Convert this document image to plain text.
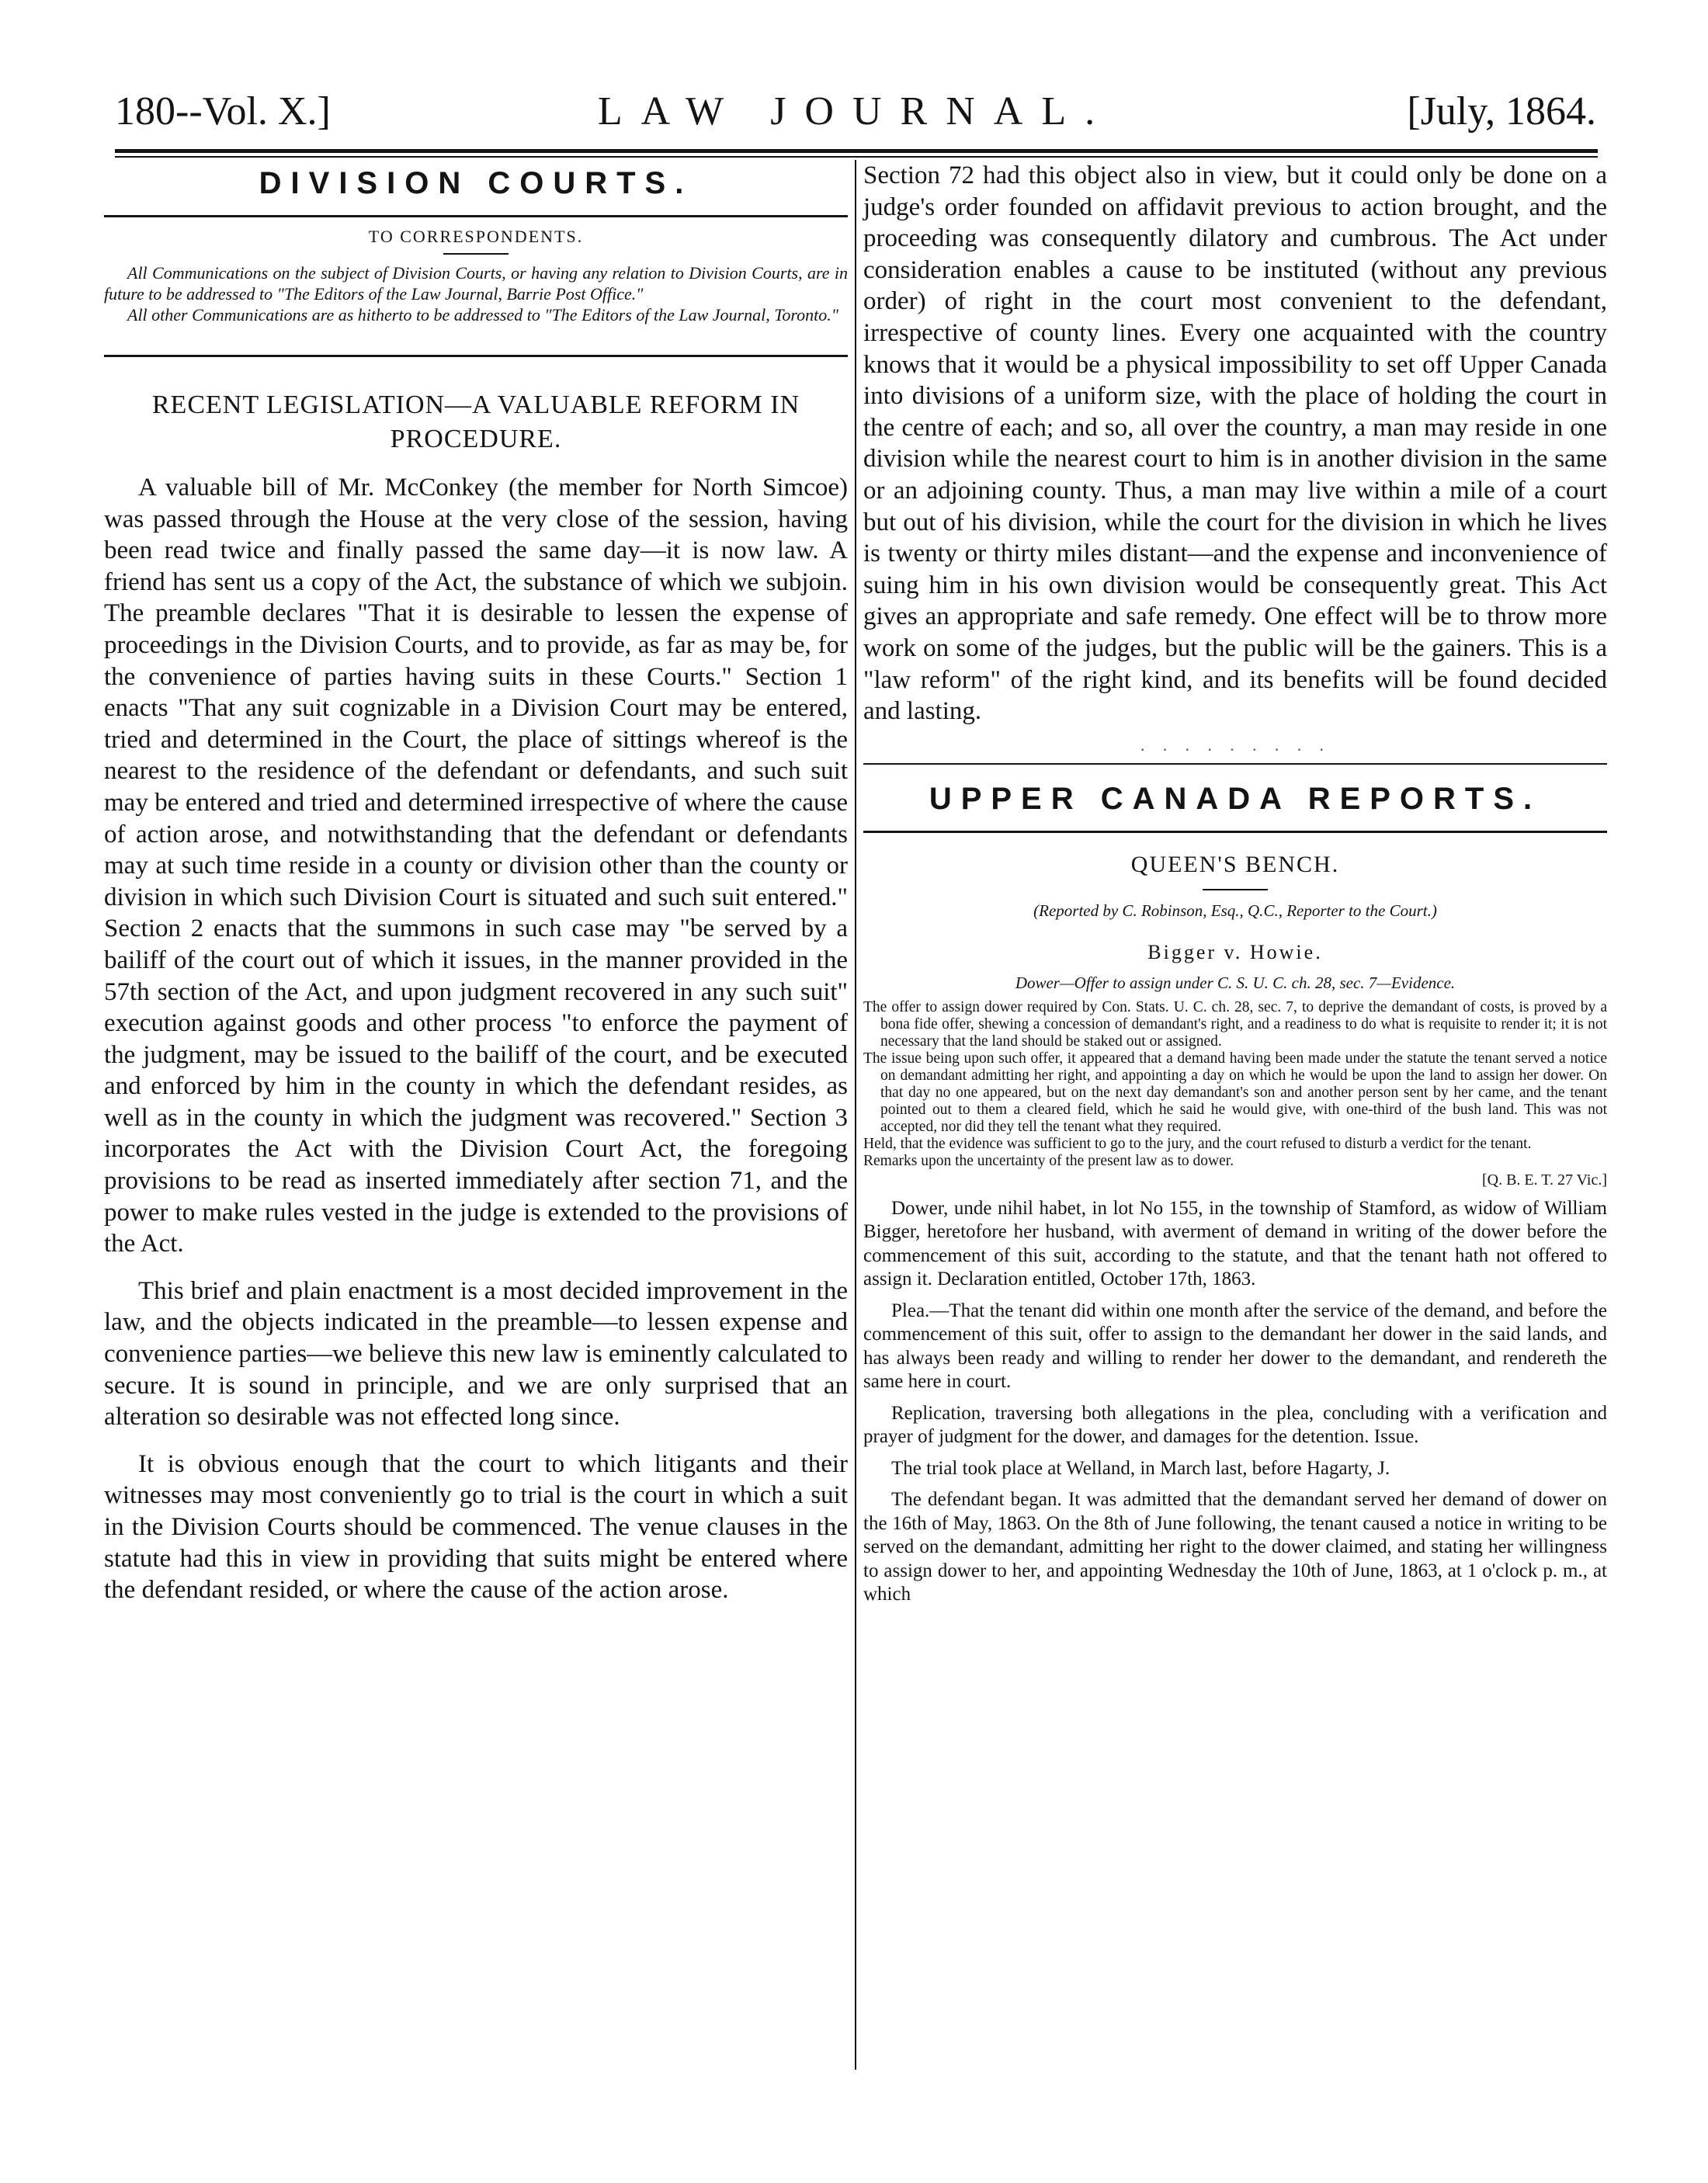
180--Vol. X.]	LAW JOURNAL.	[July, 1864.
DIVISION COURTS.
TO CORRESPONDENTS.

All Communications on the subject of Division Courts, or having any relation to Division Courts, are in future to be addressed to "The Editors of the Law Journal, Barrie Post Office."

All other Communications are as hitherto to be addressed to "The Editors of the Law Journal, Toronto."

RECENT LEGISLATION—A VALUABLE REFORM IN PROCEDURE.

A valuable bill of Mr. McConkey (the member for North Simcoe) was passed through the House at the very close of the session, having been read twice and finally passed the same day—it is now law. A friend has sent us a copy of the Act, the substance of which we subjoin. The preamble declares "That it is desirable to lessen the expense of proceedings in the Division Courts, and to provide, as far as may be, for the convenience of parties having suits in these Courts." Section 1 enacts "That any suit cognizable in a Division Court may be entered, tried and determined in the Court, the place of sittings whereof is the nearest to the residence of the defendant or defendants, and such suit may be entered and tried and determined irrespective of where the cause of action arose, and notwithstanding that the defendant or defendants may at such time reside in a county or division other than the county or division in which such Division Court is situated and such suit entered." Section 2 enacts that the summons in such case may "be served by a bailiff of the court out of which it issues, in the manner provided in the 57th section of the Act, and upon judgment recovered in any such suit" execution against goods and other process "to enforce the payment of the judgment, may be issued to the bailiff of the court, and be executed and enforced by him in the county in which the defendant resides, as well as in the county in which the judgment was recovered." Section 3 incorporates the Act with the Division Court Act, the foregoing provisions to be read as inserted immediately after section 71, and the power to make rules vested in the judge is extended to the provisions of the Act.

This brief and plain enactment is a most decided improvement in the law, and the objects indicated in the preamble—to lessen expense and convenience parties—we believe this new law is eminently calculated to secure. It is sound in principle, and we are only surprised that an alteration so desirable was not effected long since.

It is obvious enough that the court to which litigants and their witnesses may most conveniently go to trial is the court in which a suit in the Division Courts should be commenced. The venue clauses in the statute had this in view in providing that suits might be entered where the defendant resided, or where the cause of the action arose.

Section 72 had this object also in view, but it could only be done on a judge's order founded on affidavit previous to action brought, and the proceeding was consequently dilatory and cumbrous. The Act under consideration enables a cause to be instituted (without any previous order) of right in the court most convenient to the defendant, irrespective of county lines. Every one acquainted with the country knows that it would be a physical impossibility to set off Upper Canada into divisions of a uniform size, with the place of holding the court in the centre of each; and so, all over the country, a man may reside in one division while the nearest court to him is in another division in the same or an adjoining county. Thus, a man may live within a mile of a court but out of his division, while the court for the division in which he lives is twenty or thirty miles distant—and the expense and inconvenience of suing him in his own division would be consequently great. This Act gives an appropriate and safe remedy. One effect will be to throw more work on some of the judges, but the public will be the gainers. This is a "law reform" of the right kind, and its benefits will be found decided and lasting.

· · · · · · · · ·
UPPER CANADA REPORTS.
QUEEN'S BENCH.
(Reported by C. Robinson, Esq., Q.C., Reporter to the Court.)
Bigger v. Howie.
Dower—Offer to assign under C. S. U. C. ch. 28, sec. 7—Evidence.

The offer to assign dower required by Con. Stats. U. C. ch. 28, sec. 7, to deprive the demandant of costs, is proved by a bona fide offer, shewing a concession of demandant's right, and a readiness to do what is requisite to render it; it is not necessary that the land should be staked out or assigned.

The issue being upon such offer, it appeared that a demand having been made under the statute the tenant served a notice on demandant admitting her right, and appointing a day on which he would be upon the land to assign her dower. On that day no one appeared, but on the next day demandant's son and another person sent by her came, and the tenant pointed out to them a cleared field, which he said he would give, with one-third of the bush land. This was not accepted, nor did they tell the tenant what they required.

Held, that the evidence was sufficient to go to the jury, and the court refused to disturb a verdict for the tenant.

Remarks upon the uncertainty of the present law as to dower.

[Q. B. E. T. 27 Vic.]

Dower, unde nihil habet, in lot No 155, in the township of Stamford, as widow of William Bigger, heretofore her husband, with averment of demand in writing of the dower before the commencement of this suit, according to the statute, and that the tenant hath not offered to assign it. Declaration entitled, October 17th, 1863.

Plea.—That the tenant did within one month after the service of the demand, and before the commencement of this suit, offer to assign to the demandant her dower in the said lands, and has always been ready and willing to render her dower to the demandant, and rendereth the same here in court.

Replication, traversing both allegations in the plea, concluding with a verification and prayer of judgment for the dower, and damages for the detention. Issue.

The trial took place at Welland, in March last, before Hagarty, J.

The defendant began. It was admitted that the demandant served her demand of dower on the 16th of May, 1863. On the 8th of June following, the tenant caused a notice in writing to be served on the demandant, admitting her right to the dower claimed, and stating her willingness to assign dower to her, and appointing Wednesday the 10th of June, 1863, at 1 o'clock p. m., at which
